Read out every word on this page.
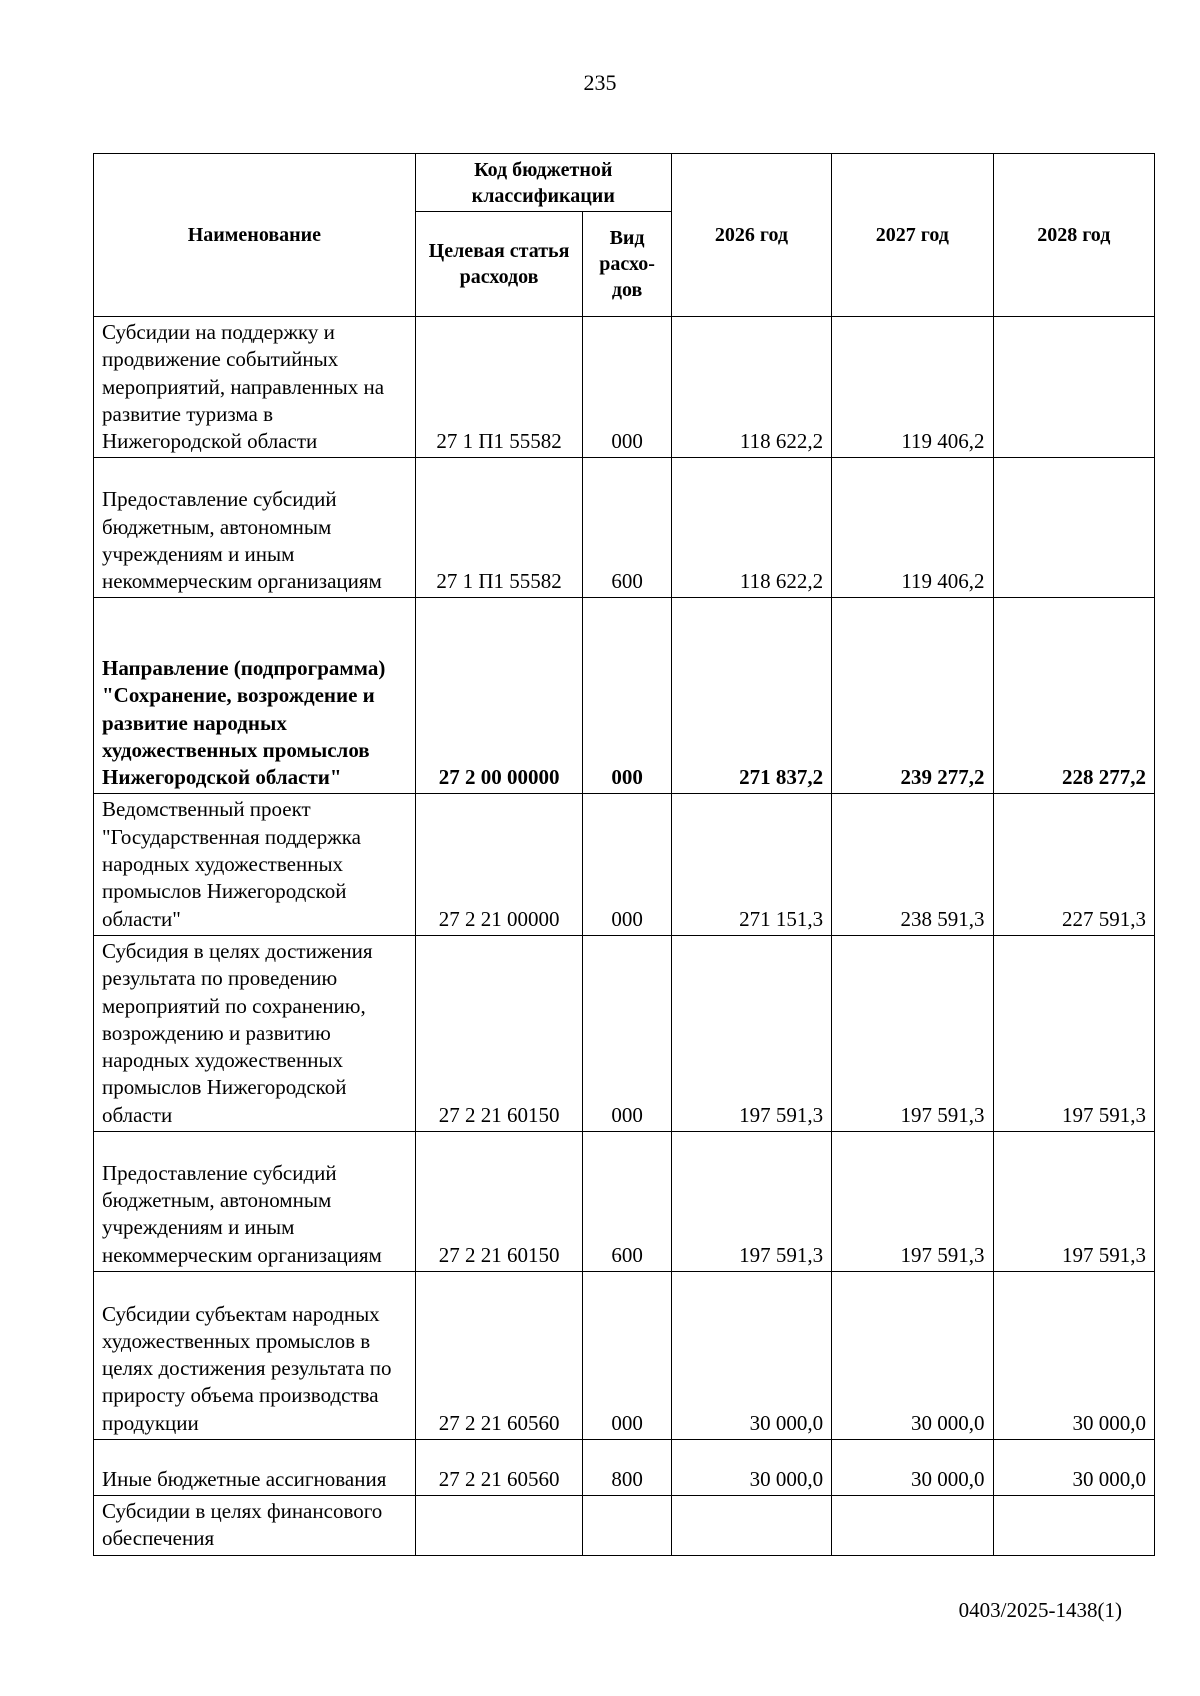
235
Наименование	Код бюджетной классификации		2026 год	2027 год	2028 год
	Целевая статья расходов	Вид расхо-дов			
Субсидии на поддержку и продвижение событийных мероприятий, направленных на развитие туризма в Нижегородской области	27 1 П1 55582	000	118 622,2	119 406,2	
Предоставление субсидий бюджетным, автономным учреждениям и иным некоммерческим организациям	27 1 П1 55582	600	118 622,2	119 406,2	
Направление (подпрограмма) "Сохранение, возрождение и развитие народных художественных промыслов Нижегородской области"	27 2 00 00000	000	271 837,2	239 277,2	228 277,2
Ведомственный проект "Государственная поддержка народных художественных промыслов Нижегородской области"	27 2 21 00000	000	271 151,3	238 591,3	227 591,3
Субсидия в целях достижения результата по проведению мероприятий по сохранению, возрождению и развитию народных художественных промыслов Нижегородской области	27 2 21 60150	000	197 591,3	197 591,3	197 591,3
Предоставление субсидий бюджетным, автономным учреждениям и иным некоммерческим организациям	27 2 21 60150	600	197 591,3	197 591,3	197 591,3
Субсидии субъектам народных художественных промыслов в целях достижения результата по приросту объема производства продукции	27 2 21 60560	000	30 000,0	30 000,0	30 000,0
Иные бюджетные ассигнования	27 2 21 60560	800	30 000,0	30 000,0	30 000,0
Субсидии в целях финансового обеспечения					
0403/2025-1438(1)
